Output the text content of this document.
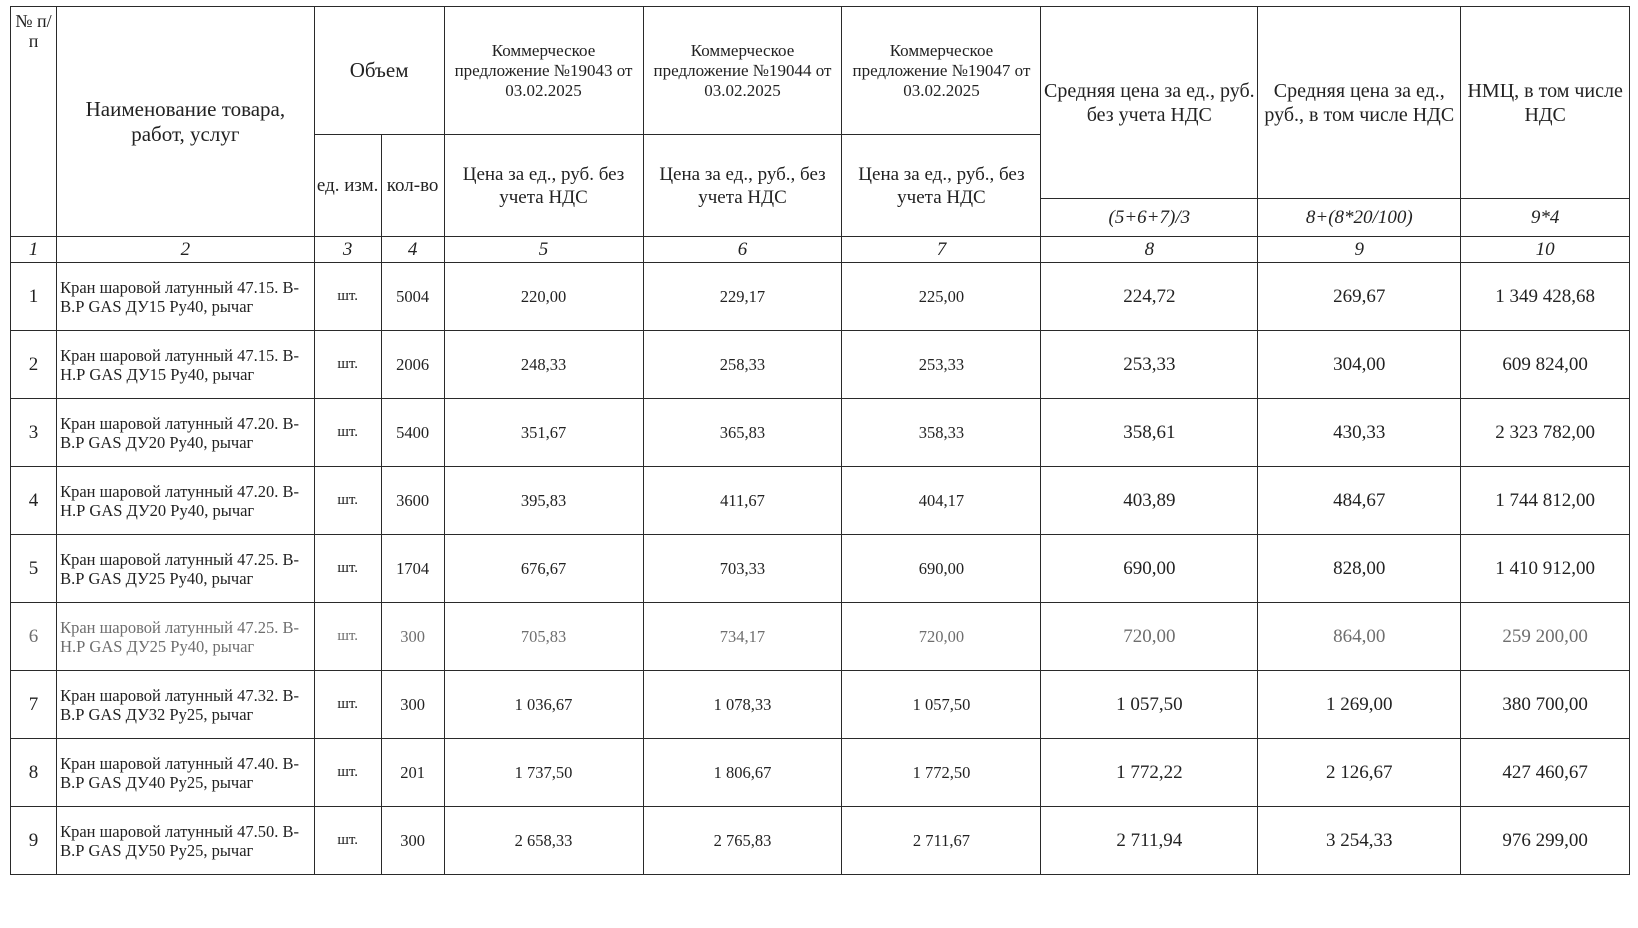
№ п/п	Наименование товара, работ, услуг	Объем		Коммерческое предложение №19043 от 03.02.2025	Коммерческое предложение №19044 от 03.02.2025	Коммерческое предложение №19047 от 03.02.2025	Средняя цена за ед., руб. без учета НДС	Средняя цена за ед., руб., в том числе НДС	НМЦ, в том числе НДС
		ед. изм.	кол-во	Цена за ед., руб. без учета НДС	Цена за ед., руб., без учета НДС	Цена за ед., руб., без учета НДС			
							(5+6+7)/3	8+(8*20/100)	9*4
1	2	3	4	5	6	7	8	9	10
1	Кран шаровой латунный 47.15. В-В.Р GAS ДУ15 Ру40, рычаг	шт.	5004	220,00	229,17	225,00	224,72	269,67	1 349 428,68
2	Кран шаровой латунный 47.15. В-Н.Р GAS ДУ15 Ру40, рычаг	шт.	2006	248,33	258,33	253,33	253,33	304,00	609 824,00
3	Кран шаровой латунный 47.20. В-В.Р GAS ДУ20 Ру40, рычаг	шт.	5400	351,67	365,83	358,33	358,61	430,33	2 323 782,00
4	Кран шаровой латунный 47.20. В-Н.Р GAS ДУ20 Ру40, рычаг	шт.	3600	395,83	411,67	404,17	403,89	484,67	1 744 812,00
5	Кран шаровой латунный 47.25. В-В.Р GAS ДУ25 Ру40, рычаг	шт.	1704	676,67	703,33	690,00	690,00	828,00	1 410 912,00
6	Кран шаровой латунный 47.25. В-Н.Р GAS ДУ25 Ру40, рычаг	шт.	300	705,83	734,17	720,00	720,00	864,00	259 200,00
7	Кран шаровой латунный 47.32. В-В.Р GAS ДУ32 Ру25, рычаг	шт.	300	1 036,67	1 078,33	1 057,50	1 057,50	1 269,00	380 700,00
8	Кран шаровой латунный 47.40. В-В.Р GAS ДУ40 Ру25, рычаг	шт.	201	1 737,50	1 806,67	1 772,50	1 772,22	2 126,67	427 460,67
9	Кран шаровой латунный 47.50. В-В.Р GAS ДУ50 Ру25, рычаг	шт.	300	2 658,33	2 765,83	2 711,67	2 711,94	3 254,33	976 299,00
